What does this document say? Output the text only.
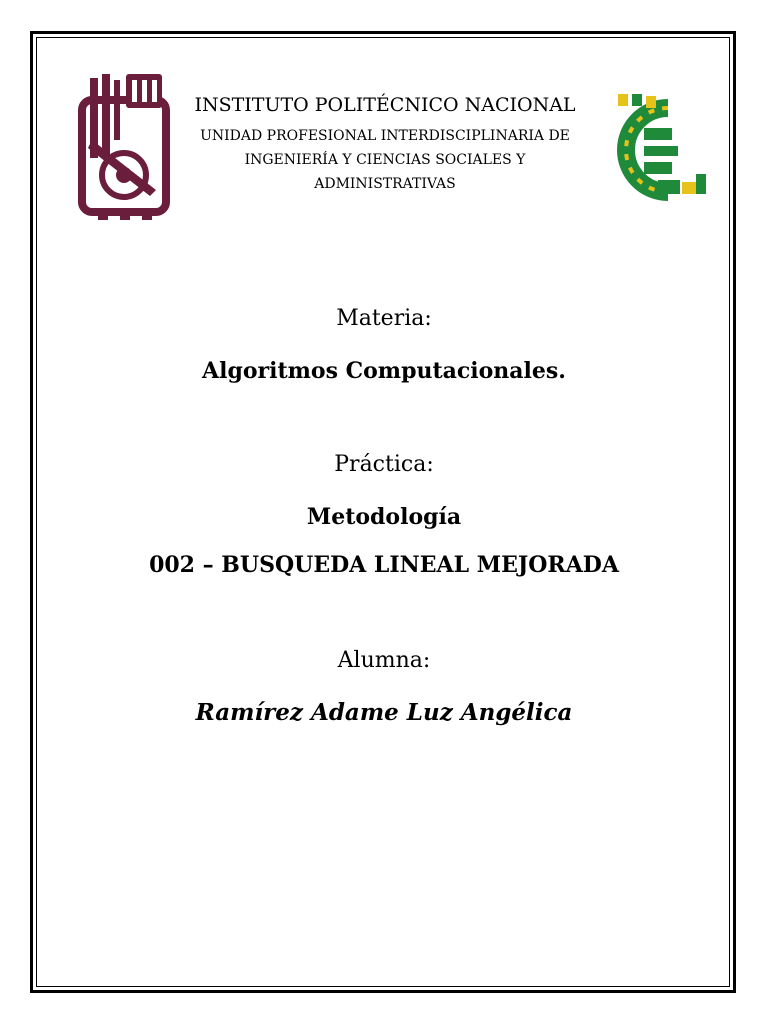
INSTITUTO POLITÉCNICO NACIONAL
UNIDAD PROFESIONAL INTERDISCIPLINARIA DE
INGENIERÍA Y CIENCIAS SOCIALES Y
ADMINISTRATIVAS
Materia:
Algoritmos Computacionales.
Práctica:
Metodología
002 – BUSQUEDA LINEAL MEJORADA
Alumna:
Ramírez Adame Luz Angélica
